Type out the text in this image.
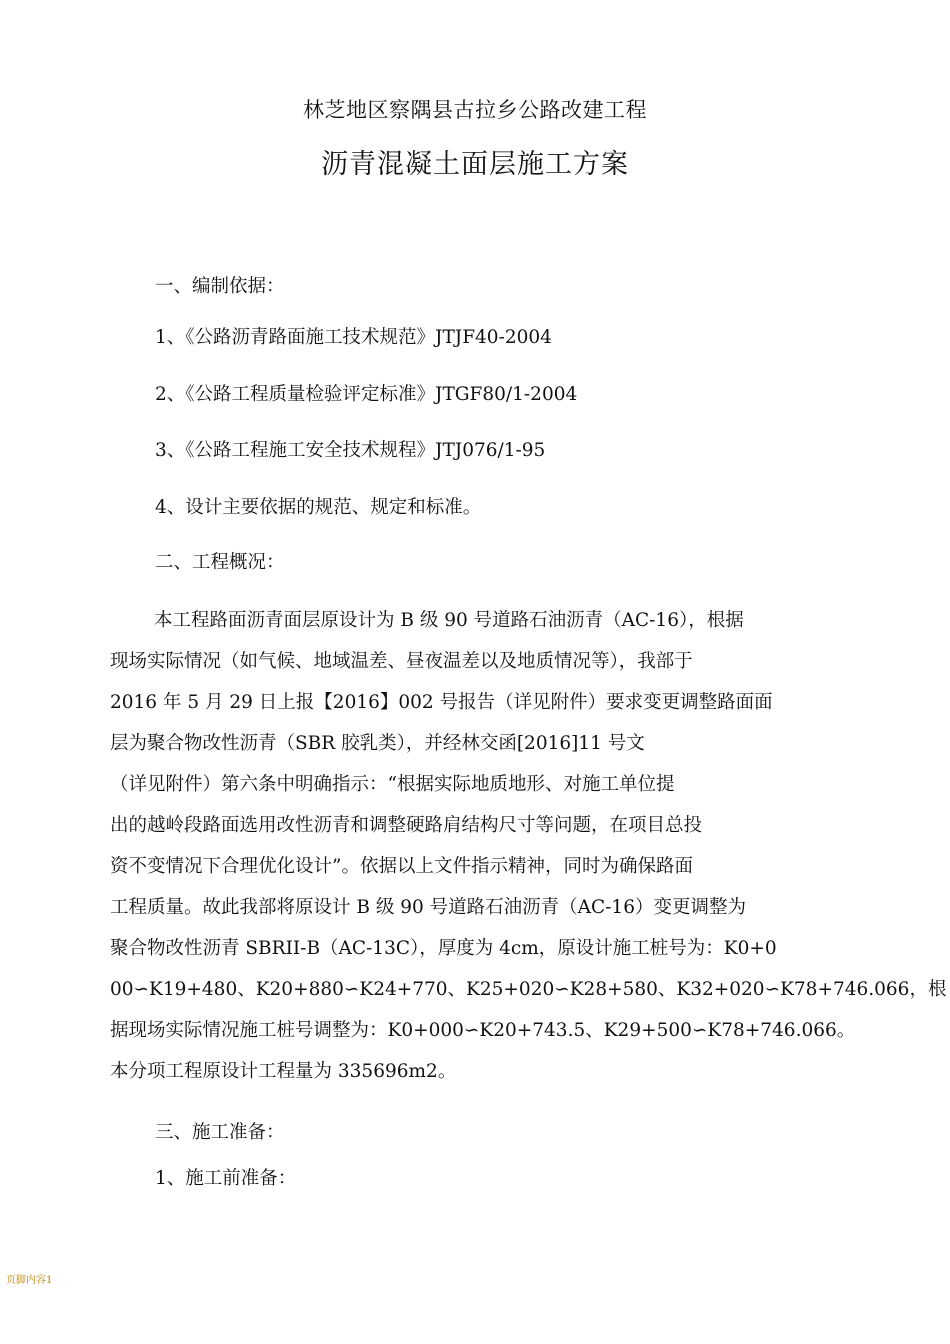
林芝地区察隅县古拉乡公路改建工程
沥青混凝土面层施工方案
一、编制依据：
1、《公路沥青路面施工技术规范》JTJF40-2004
2、《公路工程质量检验评定标准》JTGF80/1-2004
3、《公路工程施工安全技术规程》JTJ076/1-95
4、设计主要依据的规范、规定和标准。
二、工程概况：

本工程路面沥青面层原设计为 B 级 90 号道路石油沥青（AC-16），根据

现场实际情况（如气候、地域温差、昼夜温差以及地质情况等），我部于

2016 年 5 月 29 日上报【2016】002 号报告（详见附件）要求变更调整路面面

层为聚合物改性沥青（SBR 胶乳类），并经林交函[2016]11 号文

（详见附件）第六条中明确指示：“根据实际地质地形、对施工单位提

出的越岭段路面选用改性沥青和调整硬路肩结构尺寸等问题，在项目总投

资不变情况下合理优化设计”。依据以上文件指示精神，同时为确保路面

工程质量。故此我部将原设计 B 级 90 号道路石油沥青（AC-16）变更调整为

聚合物改性沥青 SBRII-B（AC-13C），厚度为 4cm，原设计施工桩号为：K0+0

00∽K19+480、K20+880∽K24+770、K25+020∽K28+580、K32+020∽K78+746.066，根

据现场实际情况施工桩号调整为：K0+000∽K20+743.5、K29+500∽K78+746.066。

本分项工程原设计工程量为 335696m2。

三、施工准备：
1、施工前准备：
页脚内容1
